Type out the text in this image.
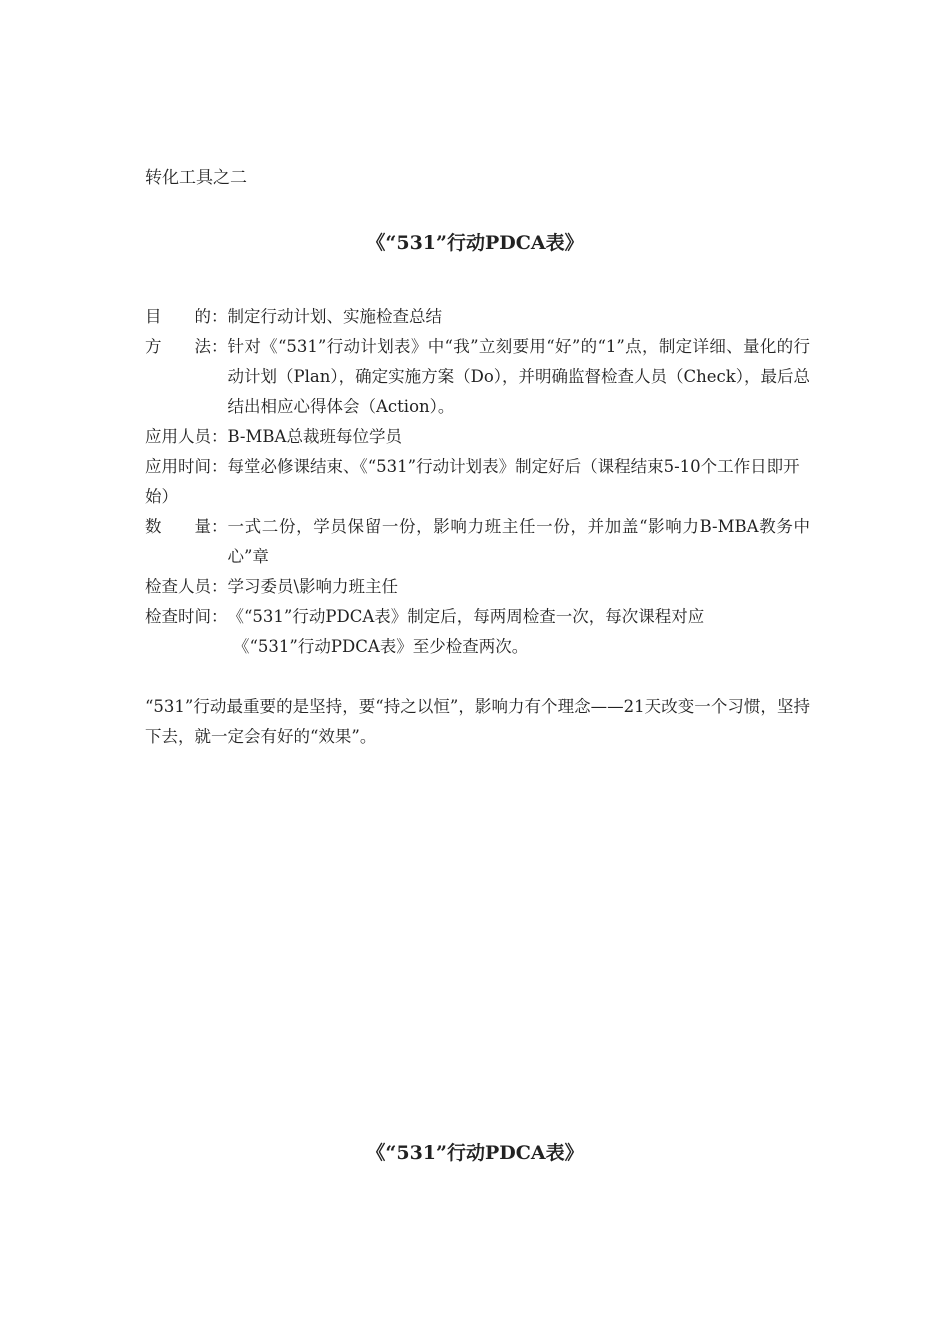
转化工具之二
《“531”行动PDCA表》
目　　的： 制定行动计划、实施检查总结
方　　法： 针对《“531”行动计划表》中“我”立刻要用“好”的“1”点，制定详细、量化的行动计划（Plan），确定实施方案（Do），并明确监督检查人员（Check），最后总结出相应心得体会（Action）。
应用人员： B-MBA总裁班每位学员
应用时间：每堂必修课结束、《“531”行动计划表》制定好后（课程结束5-10个工作日即开始）
数　　量： 一式二份，学员保留一份，影响力班主任一份，并加盖“影响力B-MBA教务中心”章
检查人员： 学习委员\影响力班主任
检查时间： 《“531”行动PDCA表》制定后，每两周检查一次，每次课程对应
《“531”行动PDCA表》至少检查两次。
“531”行动最重要的是坚持，要“持之以恒”，影响力有个理念——21天改变一个习惯，坚持下去，就一定会有好的“效果”。
《“531”行动PDCA表》
